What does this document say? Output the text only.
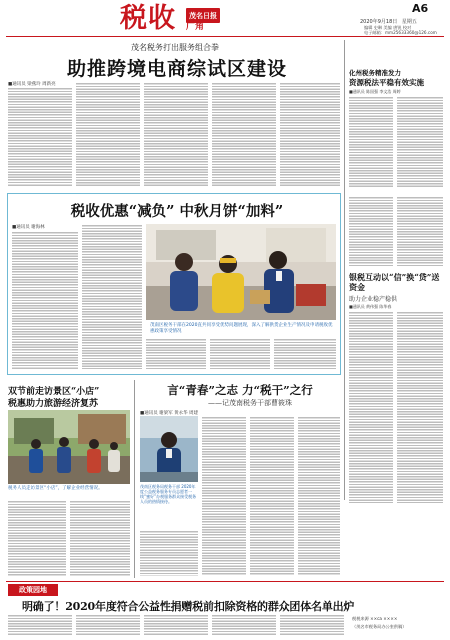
税收	茂名日报
广角
A6
2020年9月18日 星期五
编辑 史琳 美编 唐锐 校对
电子邮箱：mm25633360@126.com
茂名税务打出服务组合拳
助推跨境电商综试区建设
■通讯员 梁燕玲 周新亮
化州税务精准发力
资源税法平稳有效实施
■通讯员 陈国强 李文浩 周婷
税收优惠“减负” 中秋月饼“加料”
■通讯员 谢海林
茂南区税务干部在2020直共同享受优势问题展现，深入了解供货企业生产情况及申请税收优惠政策享受情况
银税互动以“信”换“贷”送资金
助力企业稳产稳供
■通讯员 黄伟强 陈华春
双节前走访景区“小店”
税惠助力旅游经济复苏
税务人员走访景区“小店”，了解企业经营情况。
言“青春”之志 力“税干”之行
——记茂南税务干部曹筱珠
■通讯员 谢梁军 黄永华 周建
茂南区税务局税务干部 2020年度公益税务服务专员志愿者一线“蜜好”办税服务群众接受税务人员的热情接待。
政策园地
明确了！2020年度符合公益性捐赠税前扣除资格的群众团体名单出炉
税税来源 ××ca ××××
（茂名市税务局办公室供稿）
